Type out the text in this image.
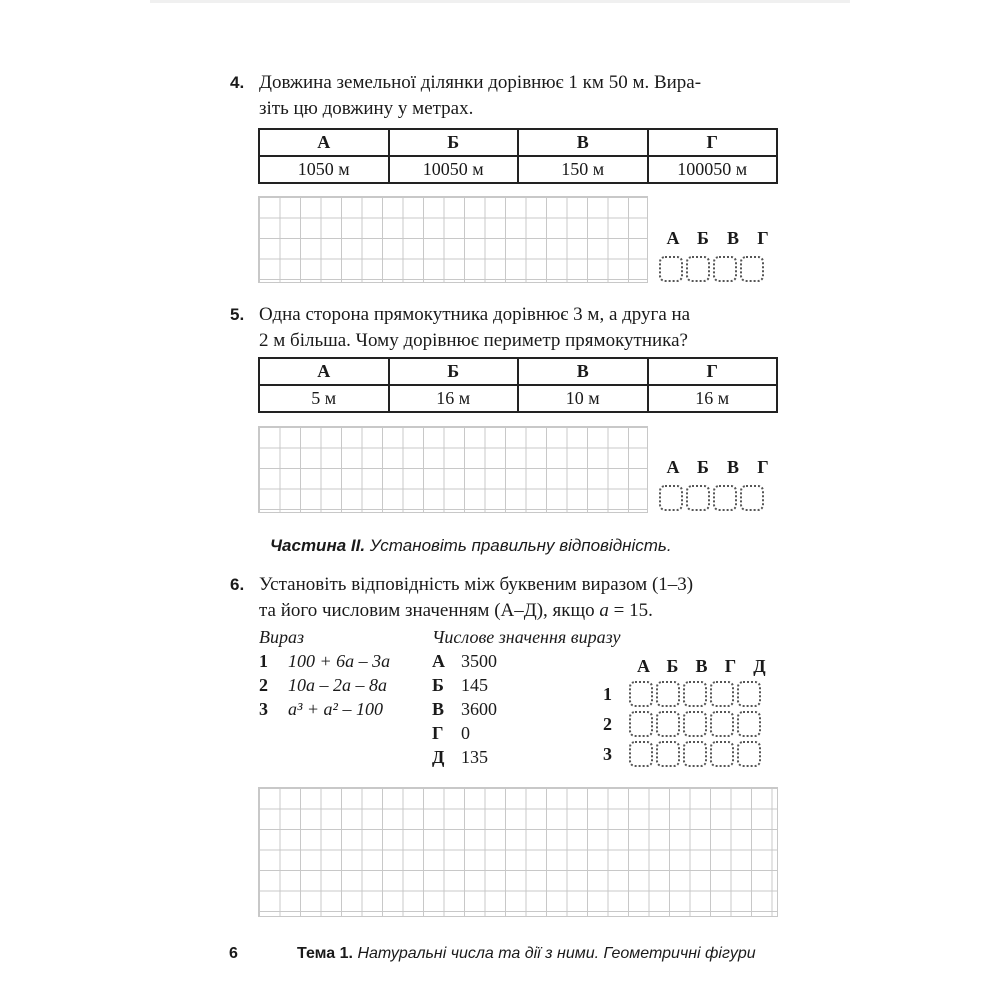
4. Довжина земельної ділянки дорівнює 1 км 50 м. Вира-
зіть цю довжину у метрах.
А	Б	В	Г
1050 м	10050 м	150 м	100050 м
А Б	В	Г
5. Одна сторона прямокутника дорівнює 3 м, а друга на
2 м більша. Чому дорівнює периметр прямокутника?
А	Б	В	Г
5 м	16 м	10 м	16 м
А Б	В	Г
Частина II. Установіть правильну відповідність.
6. Установіть відповідність між буквеним виразом (1–3)
та його числовим значенням (А–Д), якщо a = 15.
Вираз
1 100 + 6a – 3a
2 10a – 2a – 8a
3 a³ + a² – 100
Числове значення виразу
А 3500
Б 145
В 3600
Г 0
Д 135
А Б В Г Д
1
2
3
6	Тема 1. Натуральні числа та дії з ними. Геометричні фігури
